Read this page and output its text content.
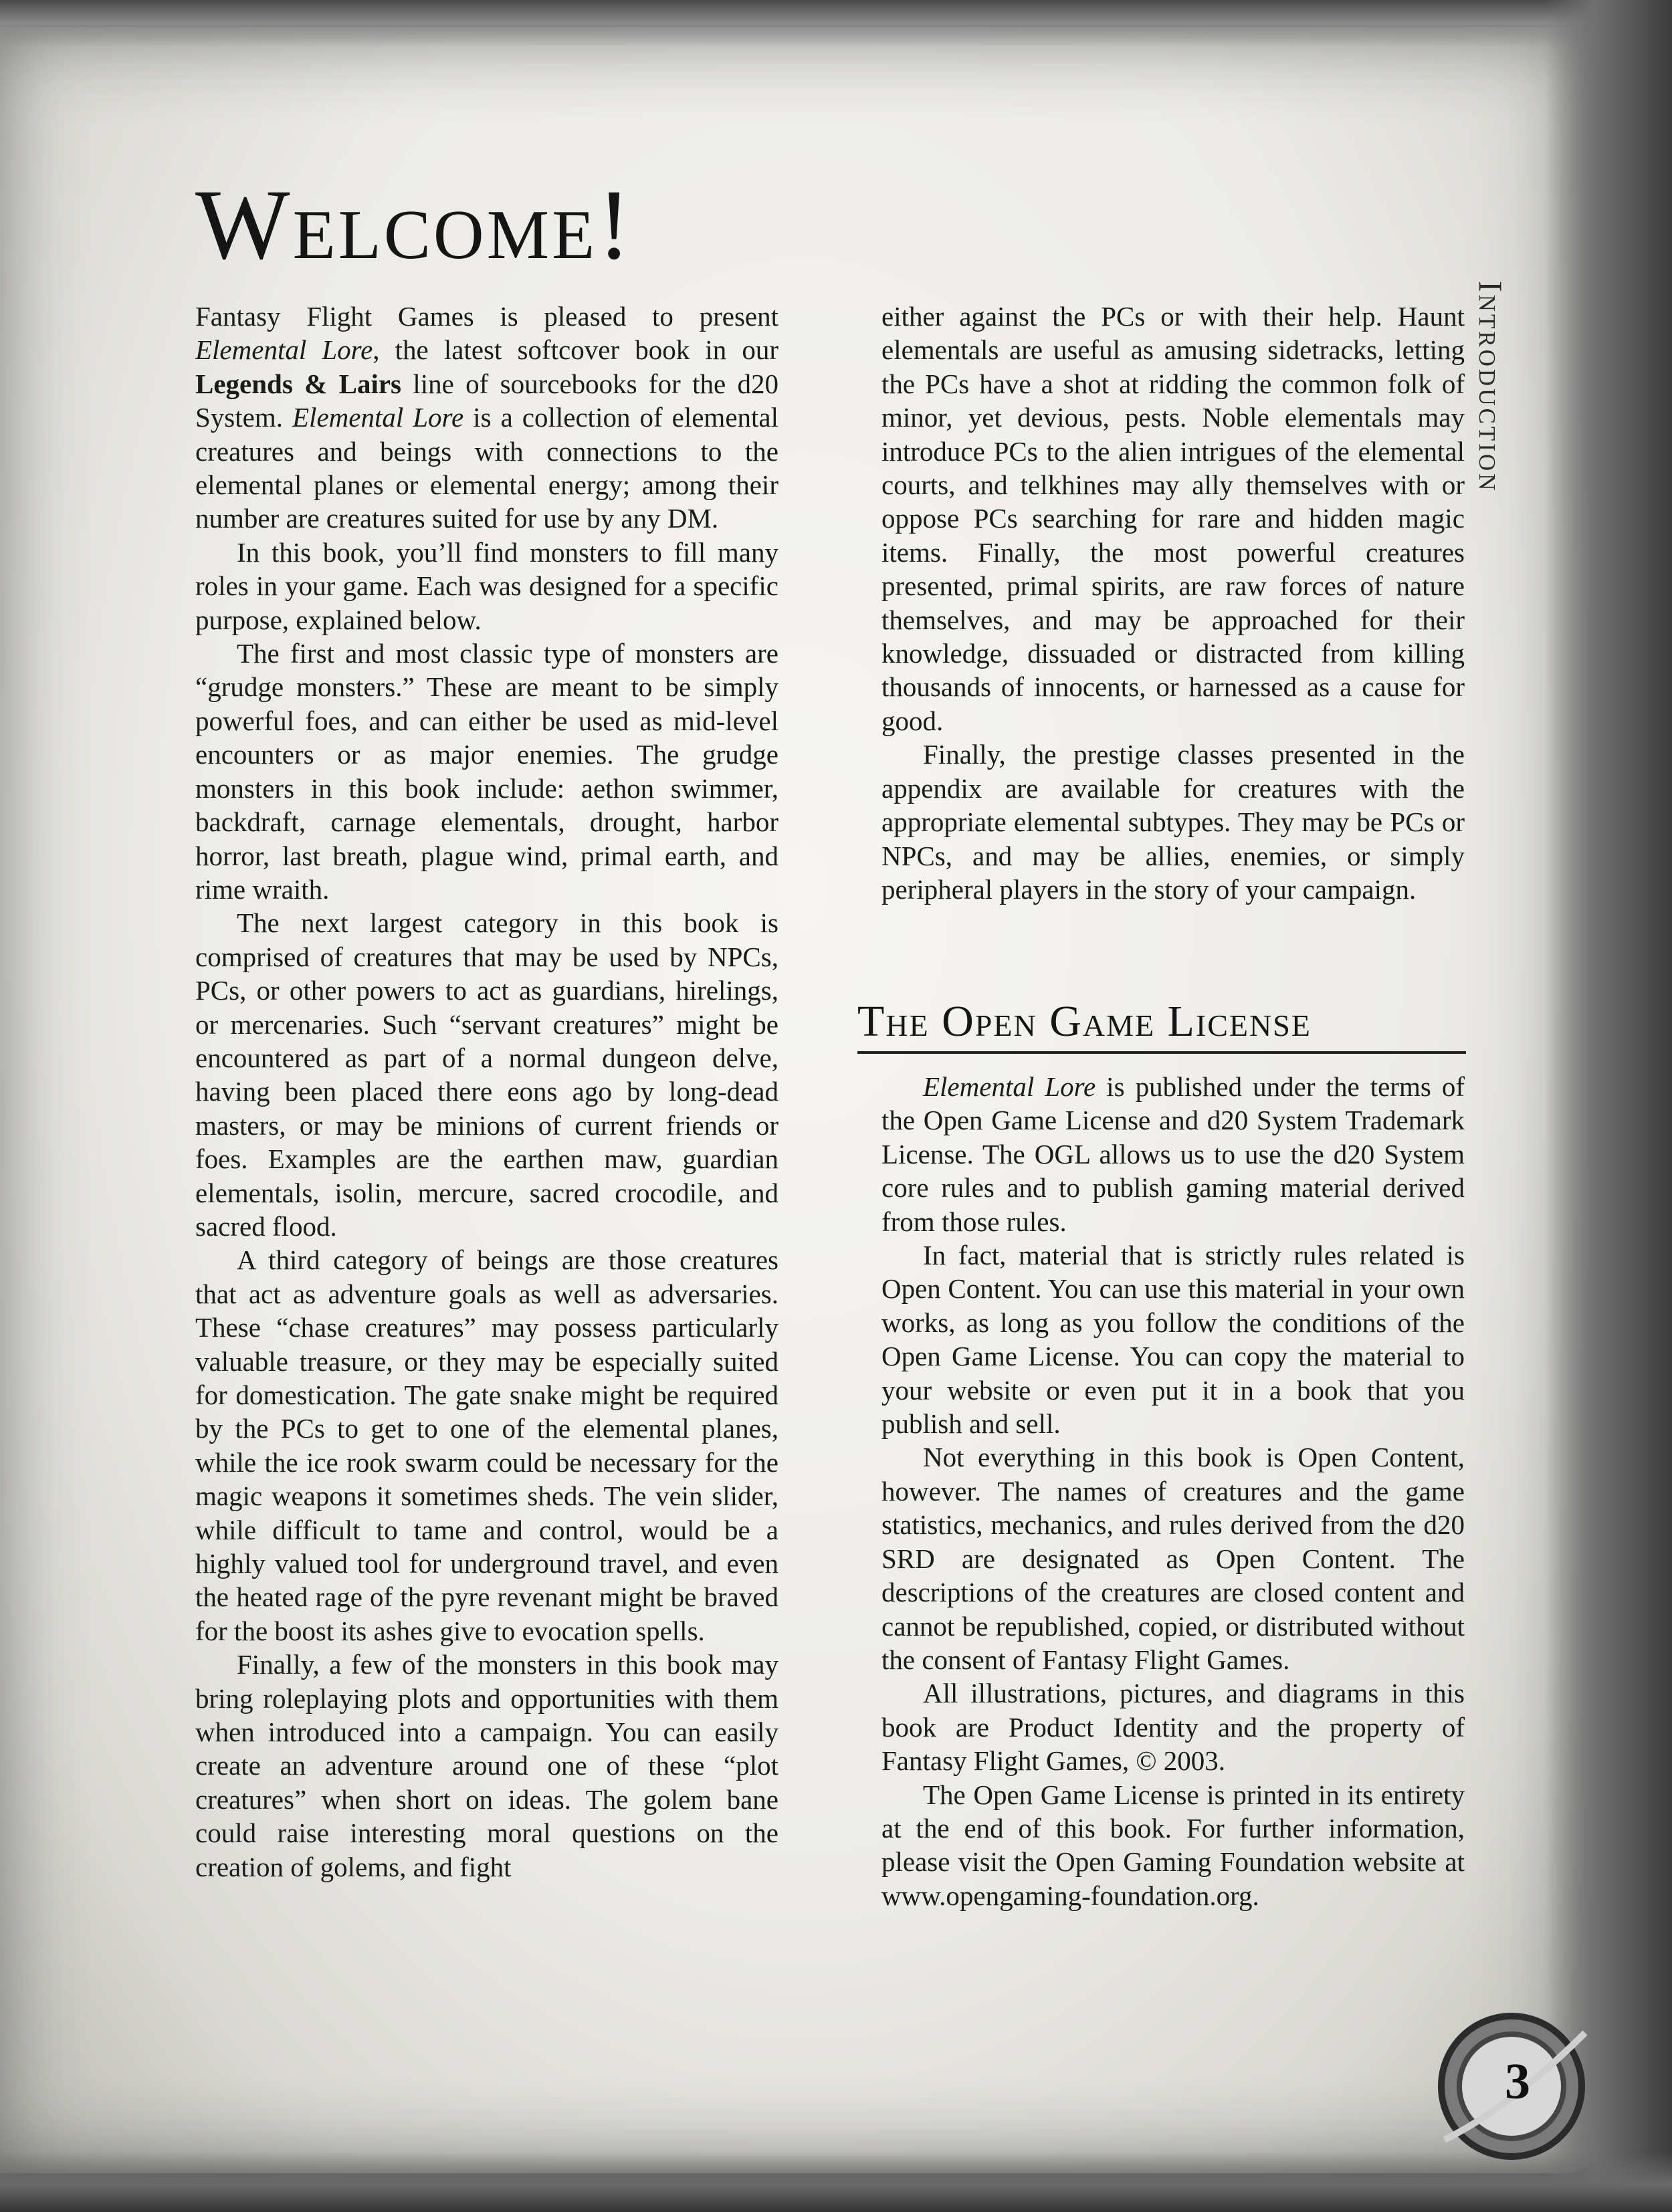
Welcome!
Introduction

Fantasy Flight Games is pleased to present Elemental Lore, the latest softcover book in our Legends & Lairs line of sourcebooks for the d20 System. Elemental Lore is a collection of elemental creatures and beings with connections to the elemental planes or elemental energy; among their number are creatures suited for use by any DM.

In this book, you’ll find monsters to fill many roles in your game. Each was designed for a specific purpose, explained below.

The first and most classic type of monsters are “grudge monsters.” These are meant to be simply powerful foes, and can either be used as mid-level encounters or as major enemies. The grudge monsters in this book include: aethon swimmer, backdraft, carnage elementals, drought, harbor horror, last breath, plague wind, primal earth, and rime wraith.

The next largest category in this book is comprised of creatures that may be used by NPCs, PCs, or other powers to act as guardians, hirelings, or mercenaries. Such “servant creatures” might be encountered as part of a normal dungeon delve, having been placed there eons ago by long-dead masters, or may be minions of current friends or foes. Examples are the earthen maw, guardian elementals, isolin, mercure, sacred crocodile, and sacred flood.

A third category of beings are those creatures that act as adventure goals as well as adversaries. These “chase creatures” may possess particularly valuable treasure, or they may be especially suited for domestication. The gate snake might be required by the PCs to get to one of the elemental planes, while the ice rook swarm could be necessary for the magic weapons it sometimes sheds. The vein slider, while difficult to tame and control, would be a highly valued tool for underground travel, and even the heated rage of the pyre revenant might be braved for the boost its ashes give to evocation spells.

Finally, a few of the monsters in this book may bring roleplaying plots and opportunities with them when introduced into a campaign. You can easily create an adventure around one of these “plot creatures” when short on ideas. The golem bane could raise interesting moral questions on the creation of golems, and fight

either against the PCs or with their help. Haunt elementals are useful as amusing sidetracks, letting the PCs have a shot at ridding the common folk of minor, yet devious, pests. Noble elementals may introduce PCs to the alien intrigues of the elemental courts, and telkhines may ally themselves with or oppose PCs searching for rare and hidden magic items. Finally, the most powerful creatures presented, primal spirits, are raw forces of nature themselves, and may be approached for their knowledge, dissuaded or distracted from killing thousands of innocents, or harnessed as a cause for good.

Finally, the prestige classes presented in the appendix are available for creatures with the appropriate elemental subtypes. They may be PCs or NPCs, and may be allies, enemies, or simply peripheral players in the story of your campaign.

The Open Game License

Elemental Lore is published under the terms of the Open Game License and d20 System Trademark License. The OGL allows us to use the d20 System core rules and to publish gaming material derived from those rules.

In fact, material that is strictly rules related is Open Content. You can use this material in your own works, as long as you follow the conditions of the Open Game License. You can copy the material to your website or even put it in a book that you publish and sell.

Not everything in this book is Open Content, however. The names of creatures and the game statistics, mechanics, and rules derived from the d20 SRD are designated as Open Content. The descriptions of the creatures are closed content and cannot be republished, copied, or distributed without the consent of Fantasy Flight Games.

All illustrations, pictures, and diagrams in this book are Product Identity and the property of Fantasy Flight Games, © 2003.

The Open Game License is printed in its entirety at the end of this book. For further information, please visit the Open Gaming Foundation website at www.opengaming-foundation.org.

3
